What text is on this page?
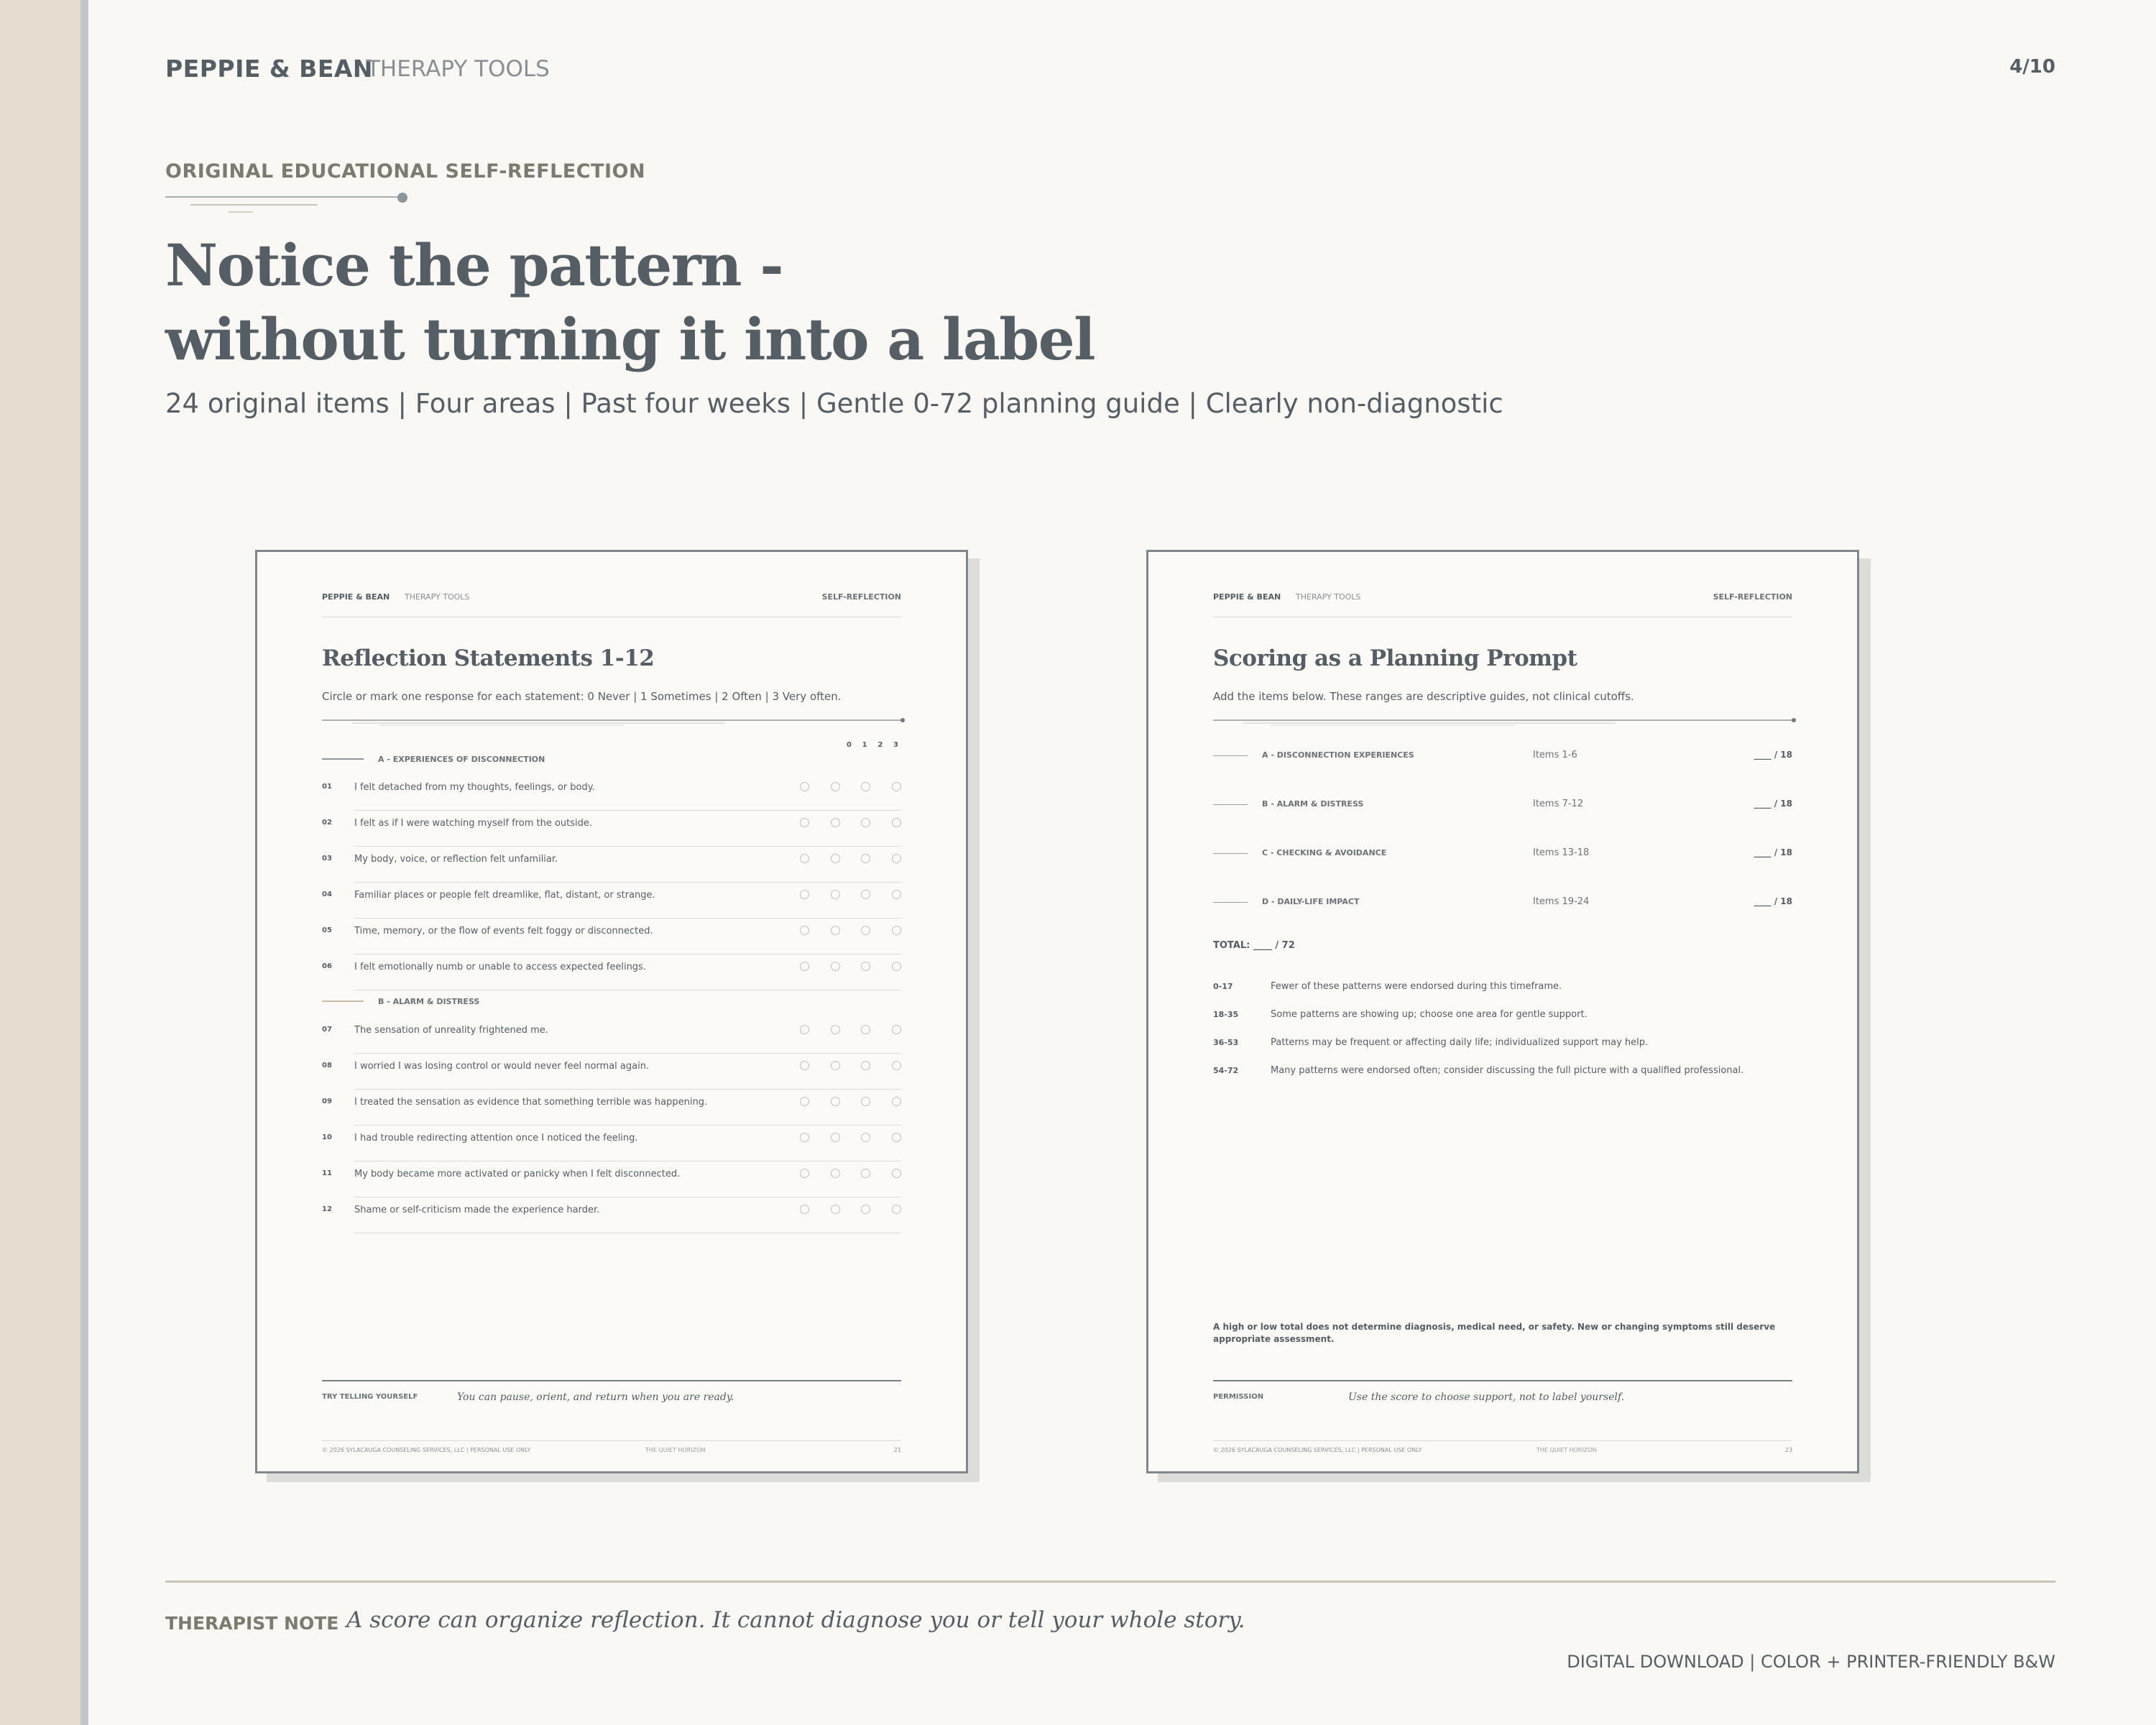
PEPPIE & BEAN
THERAPY TOOLS	4/10
ORIGINAL EDUCATIONAL SELF-REFLECTION
Notice the pattern -
without turning it into a label
24 original items | Four areas | Past four weeks | Gentle 0-72 planning guide | Clearly non-diagnostic
PEPPIE & BEAN THERAPY TOOLS	SELF-REFLECTION
Reflection Statements 1-12
Circle or mark one response for each statement: 0 Never | 1 Sometimes | 2 Often | 3 Very often.
0 1 2 3
A - EXPERIENCES OF DISCONNECTION
01 I felt detached from my thoughts, feelings, or body.
02 I felt as if I were watching myself from the outside.
03 My body, voice, or reflection felt unfamiliar.
04 Familiar places or people felt dreamlike, flat, distant, or strange.
05 Time, memory, or the flow of events felt foggy or disconnected.
06 I felt emotionally numb or unable to access expected feelings.
B - ALARM & DISTRESS
07 The sensation of unreality frightened me.
08 I worried I was losing control or would never feel normal again.
09 I treated the sensation as evidence that something terrible was happening.
10 I had trouble redirecting attention once I noticed the feeling.
11 My body became more activated or panicky when I felt disconnected.
12 Shame or self-criticism made the experience harder.
TRY TELLING YOURSELF	You can pause, orient, and return when you are ready.
© 2026 SYLACAUGA COUNSELING SERVICES, LLC | PERSONAL USE ONLY	THE QUIET HORIZON	21
PEPPIE & BEAN THERAPY TOOLS	SELF-REFLECTION
Scoring as a Planning Prompt
Add the items below. These ranges are descriptive guides, not clinical cutoffs.
A - DISCONNECTION EXPERIENCES	Items 1-6	____ / 18
B - ALARM & DISTRESS	Items 7-12	____ / 18
C - CHECKING & AVOIDANCE	Items 13-18	____ / 18
D - DAILY-LIFE IMPACT	Items 19-24	____ / 18
TOTAL: ____ / 72
0-17	Fewer of these patterns were endorsed during this timeframe.
18-35	Some patterns are showing up; choose one area for gentle support.
36-53	Patterns may be frequent or affecting daily life; individualized support may help.
54-72	Many patterns were endorsed often; consider discussing the full picture with a qualified professional.
A high or low total does not determine diagnosis, medical need, or safety. New or changing symptoms still deserve appropriate assessment.
PERMISSION	Use the score to choose support, not to label yourself.
© 2026 SYLACAUGA COUNSELING SERVICES, LLC | PERSONAL USE ONLY	THE QUIET HORIZON	23
THERAPIST NOTE A score can organize reflection. It cannot diagnose you or tell your whole story.
DIGITAL DOWNLOAD | COLOR + PRINTER-FRIENDLY B&W
